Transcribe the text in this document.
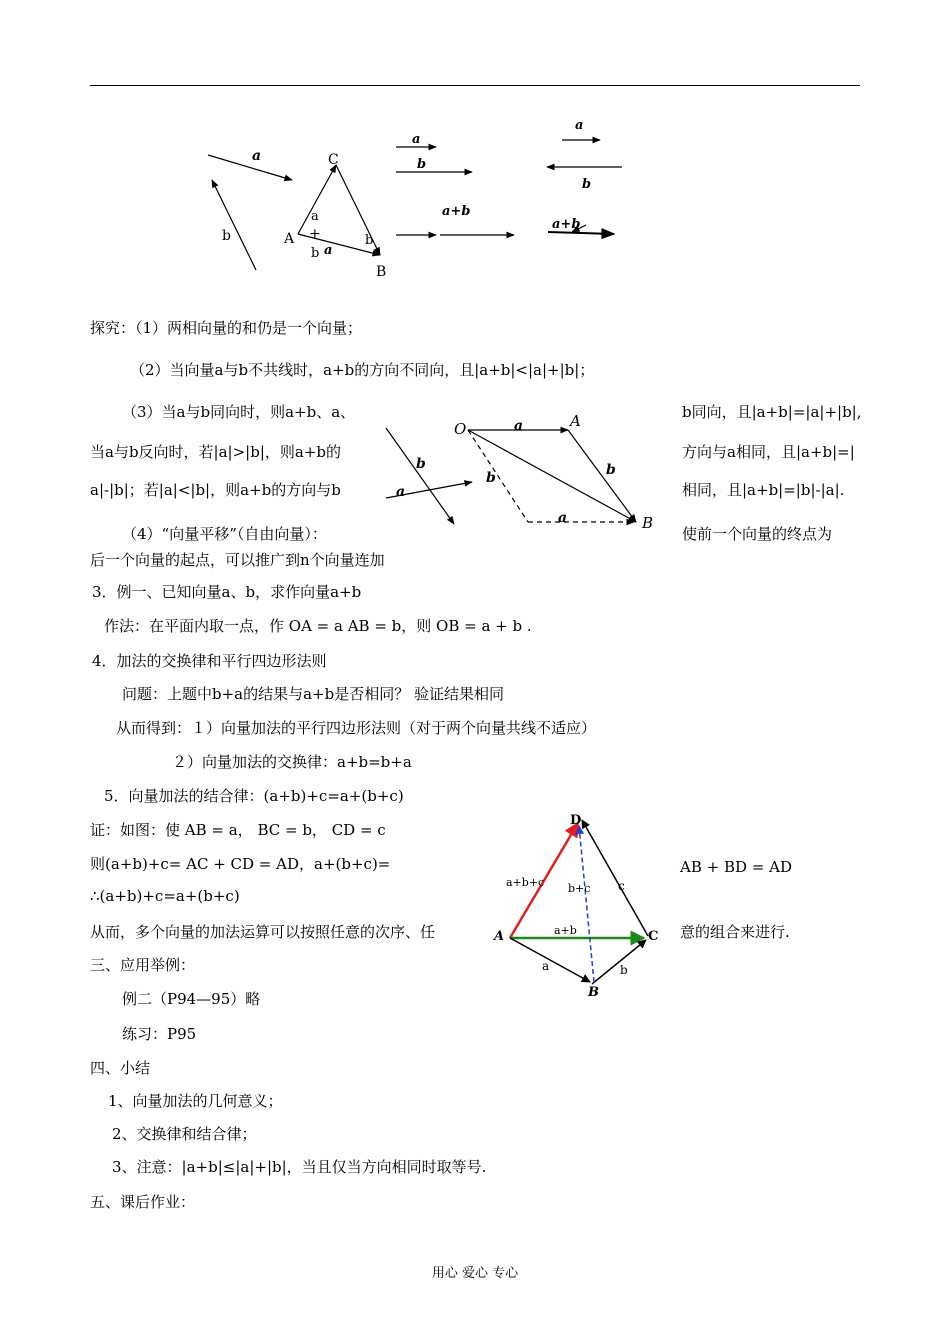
a
b
C
A
B
a
+
b a
b
a
b
a+b
a
b
a+b
探究：（1）两相向量的和仍是一个向量；
（2）当向量a与b不共线时，a+b的方向不同向，且|a+b|<|a|+|b|；
（3）当a与b同向时，则a+b、a、	b同向，且|a+b|=|a|+|b|,
当a与b反向时，若|a|>|b|，则a+b的	方向与a相同，且|a+b|=|
a|-|b|；若|a|<|b|，则a+b的方向与b	相同，且|a+b|=|b|-|a|.
（4）“向量平移”（自由向量）：	使前一个向量的终点为
后一个向量的起点，可以推广到n个向量连加
b
a
O	A
B
a
b
b
a
3．例一、已知向量a、b，求作向量a+b
作法：在平面内取一点，作 OA = a AB = b，则 OB = a + b .
4．加法的交换律和平行四边形法则
问题：上题中b+a的结果与a+b是否相同？ 验证结果相同
从而得到：１）向量加法的平行四边形法则（对于两个向量共线不适应）
２）向量加法的交换律：a+b=b+a
5．向量加法的结合律：(a+b)+c=a+(b+c)
证：如图：使 AB = a， BC = b， CD = c
则(a+b)+c= AC + CD = AD，a+(b+c)=	AB + BD = AD
∴(a+b)+c=a+(b+c)
从而，多个向量的加法运算可以按照任意的次序、任	意的组合来进行.
D
A
B
C
a+b+c b+c c
a+b
a	b
三、应用举例：
例二（P94—95）略
练习：P95
四、小结
1、向量加法的几何意义；
2、交换律和结合律；
3、注意：|a+b|≤|a|+|b|，当且仅当方向相同时取等号.
五、课后作业：
用心 爱心 专心
